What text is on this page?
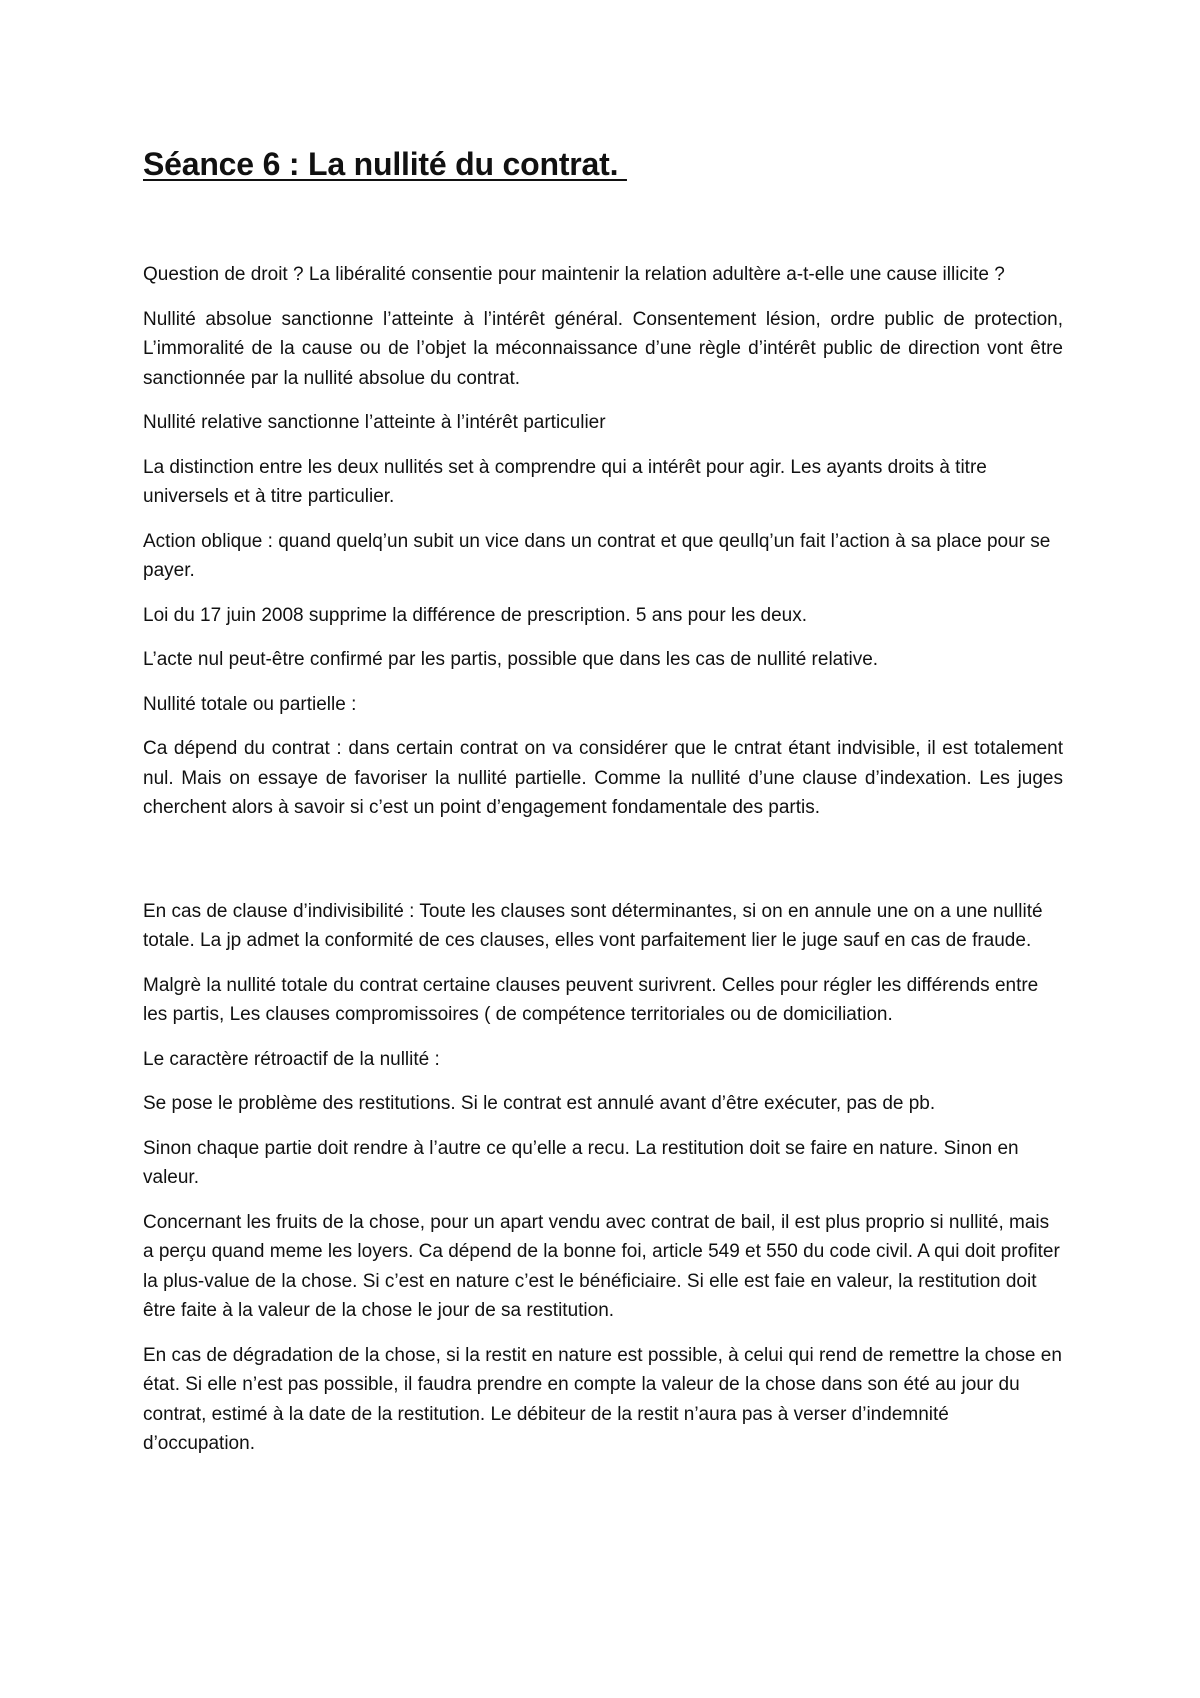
Séance 6 : La nullité du contrat.

Question de droit ? La libéralité consentie pour maintenir la relation adultère a-t-elle une cause illicite ?

Nullité absolue sanctionne l’atteinte à l’intérêt général. Consentement lésion, ordre public de protection, L’immoralité de la cause ou de l’objet la méconnaissance d’une règle d’intérêt public de direction vont être sanctionnée par la nullité absolue du contrat.

Nullité relative sanctionne l’atteinte à l’intérêt particulier

La distinction entre les deux nullités set à comprendre qui a intérêt pour agir. Les ayants droits à titre universels et à titre particulier.

Action oblique : quand quelq’un subit un vice dans un contrat et que qeullq’un fait l’action à sa place pour se payer.

Loi du 17 juin 2008 supprime la différence de prescription. 5 ans pour les deux.

L’acte nul peut-être confirmé par les partis, possible que dans les cas de nullité relative.

Nullité totale ou partielle :

Ca dépend du contrat : dans certain contrat on va considérer que le cntrat étant indvisible, il est totalement nul. Mais on essaye de favoriser la nullité partielle. Comme la nullité d’une clause d’indexation. Les juges cherchent alors à savoir si c’est un point d’engagement fondamentale des partis.

En cas de clause d’indivisibilité : Toute les clauses sont déterminantes, si on en annule une on a une nullité totale. La jp admet la conformité de ces clauses, elles vont parfaitement lier le juge sauf en cas de fraude.

Malgrè la nullité totale du contrat certaine clauses peuvent surivrent. Celles pour régler les différends entre les partis, Les clauses compromissoires ( de compétence territoriales ou de domiciliation.

Le caractère rétroactif de la nullité :

Se pose le problème des restitutions. Si le contrat est annulé avant d’être exécuter, pas de pb.

Sinon chaque partie doit rendre à l’autre ce qu’elle a recu. La restitution doit se faire en nature. Sinon en valeur.

Concernant les fruits de la chose, pour un apart vendu avec contrat de bail, il est plus proprio si nullité, mais a perçu quand meme les loyers. Ca dépend de la bonne foi, article 549 et 550 du code civil. A qui doit profiter la plus-value de la chose. Si c’est en nature c’est le bénéficiaire. Si elle est faie en valeur, la restitution doit être faite à la valeur de la chose le jour de sa restitution.

En cas de dégradation de la chose, si la restit en nature est possible, à celui qui rend de remettre la chose en état. Si elle n’est pas possible, il faudra prendre en compte la valeur de la chose dans son été au jour du contrat, estimé à la date de la restitution. Le débiteur de la restit n’aura pas à verser d’indemnité d’occupation.
